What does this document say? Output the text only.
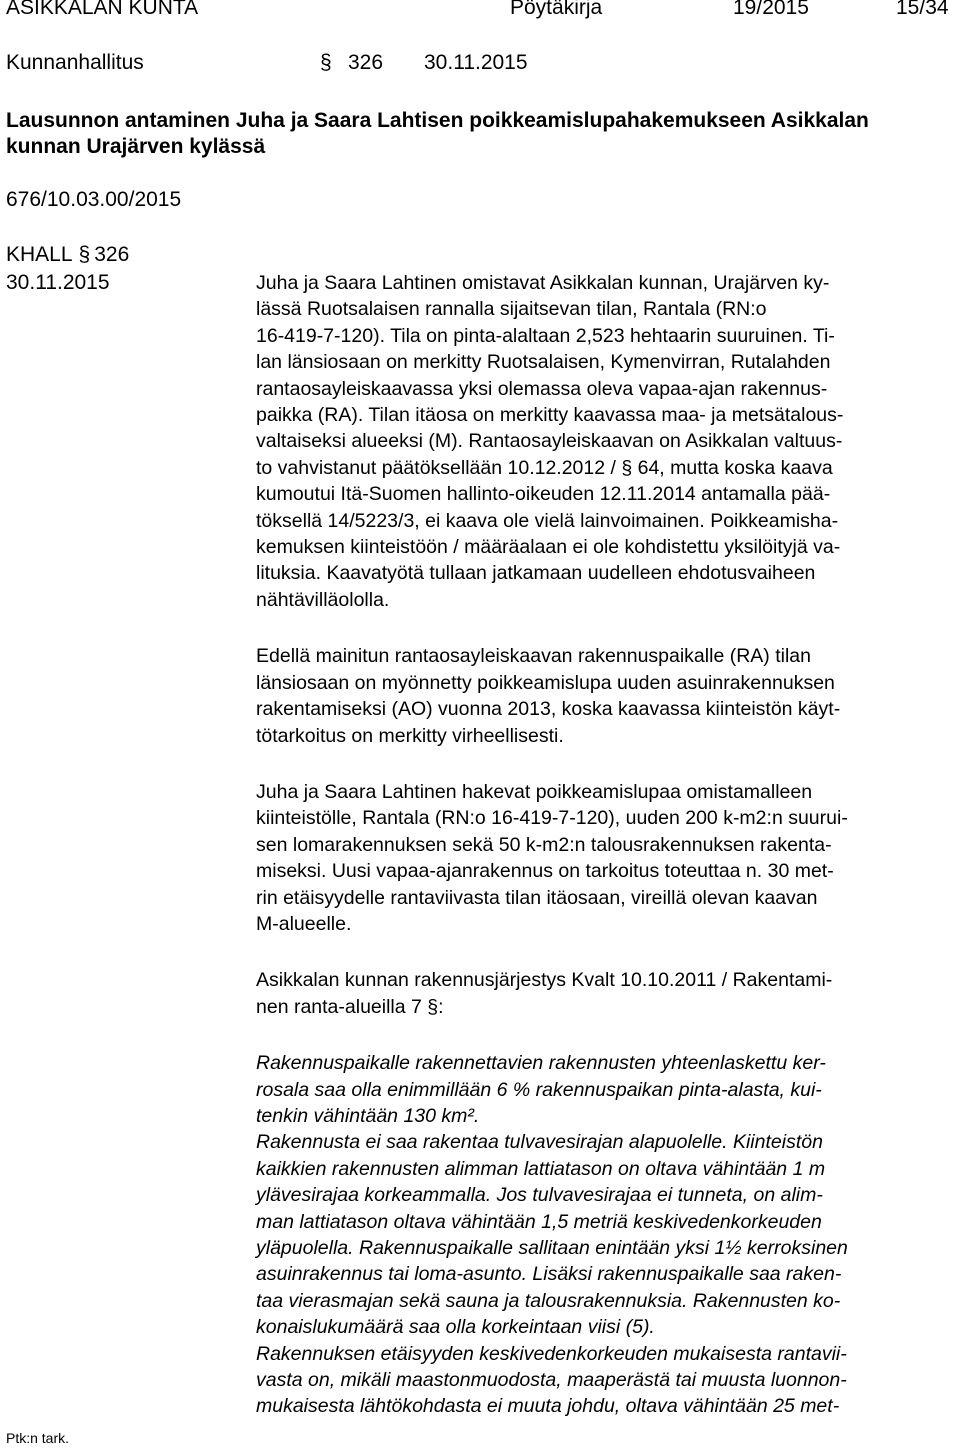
ASIKKALAN KUNTA	Pöytäkirja	19/2015	15/34
Kunnanhallitus	§ 326 30.11.2015
Lausunnon antaminen Juha ja Saara Lahtisen poikkeamislupahakemukseen Asikkalan
kunnan Urajärven kylässä
676/10.03.00/2015
KHALL § 326
30.11.2015	Juha ja Saara Lahtinen omistavat Asikkalan kunnan, Urajärven ky-
lässä Ruotsalaisen rannalla sijaitsevan tilan, Rantala (RN:o
16-419-7-120). Tila on pinta-alaltaan 2,523 hehtaarin suuruinen. Ti-
lan länsiosaan on merkitty Ruotsalaisen, Kymenvirran, Rutalahden
rantaosayleiskaavassa yksi olemassa oleva vapaa-ajan rakennus-
paikka (RA). Tilan itäosa on merkitty kaavassa maa- ja metsätalous-
valtaiseksi alueeksi (M). Rantaosayleiskaavan on Asikkalan valtuus-
to vahvistanut päätöksellään 10.12.2012 / § 64, mutta koska kaava
kumoutui Itä-Suomen hallinto-oikeuden 12.11.2014 antamalla pää-
töksellä 14/5223/3, ei kaava ole vielä lainvoimainen. Poikkeamisha-
kemuksen kiinteistöön / määräalaan ei ole kohdistettu yksilöityjä va-
lituksia. Kaavatyötä tullaan jatkamaan uudelleen ehdotusvaiheen
nähtävilläololla.

Edellä mainitun rantaosayleiskaavan rakennuspaikalle (RA) tilan
länsiosaan on myönnetty poikkeamislupa uuden asuinrakennuksen
rakentamiseksi (AO) vuonna 2013, koska kaavassa kiinteistön käyt-
tötarkoitus on merkitty virheellisesti.

Juha ja Saara Lahtinen hakevat poikkeamislupaa omistamalleen
kiinteistölle, Rantala (RN:o 16-419-7-120), uuden 200 k-m2:n suurui-
sen lomarakennuksen sekä 50 k-m2:n talousrakennuksen rakenta-
miseksi. Uusi vapaa-ajanrakennus on tarkoitus toteuttaa n. 30 met-
rin etäisyydelle rantaviivasta tilan itäosaan, vireillä olevan kaavan
M-alueelle.

Asikkalan kunnan rakennusjärjestys Kvalt 10.10.2011 / Rakentami-
nen ranta-alueilla 7 §:

Rakennuspaikalle rakennettavien rakennusten yhteenlaskettu ker-
rosala saa olla enimmillään 6 % rakennuspaikan pinta-alasta, kui-
tenkin vähintään 130 km².
Rakennusta ei saa rakentaa tulvavesirajan alapuolelle. Kiinteistön
kaikkien rakennusten alimman lattiatason on oltava vähintään 1 m
ylävesirajaa korkeammalla. Jos tulvavesirajaa ei tunneta, on alim-
man lattiatason oltava vähintään 1,5 metriä keskivedenkorkeuden
yläpuolella. Rakennuspaikalle sallitaan enintään yksi 1½ kerroksinen
asuinrakennus tai loma-asunto. Lisäksi rakennuspaikalle saa raken-
taa vierasmajan sekä sauna ja talousrakennuksia. Rakennusten ko-
konaislukumäärä saa olla korkeintaan viisi (5).
Rakennuksen etäisyyden keskivedenkorkeuden mukaisesta rantavii-
vasta on, mikäli maastonmuodosta, maaperästä tai muusta luonnon-
mukaisesta lähtökohdasta ei muuta johdu, oltava vähintään 25 met-

Ptk:n tark.
